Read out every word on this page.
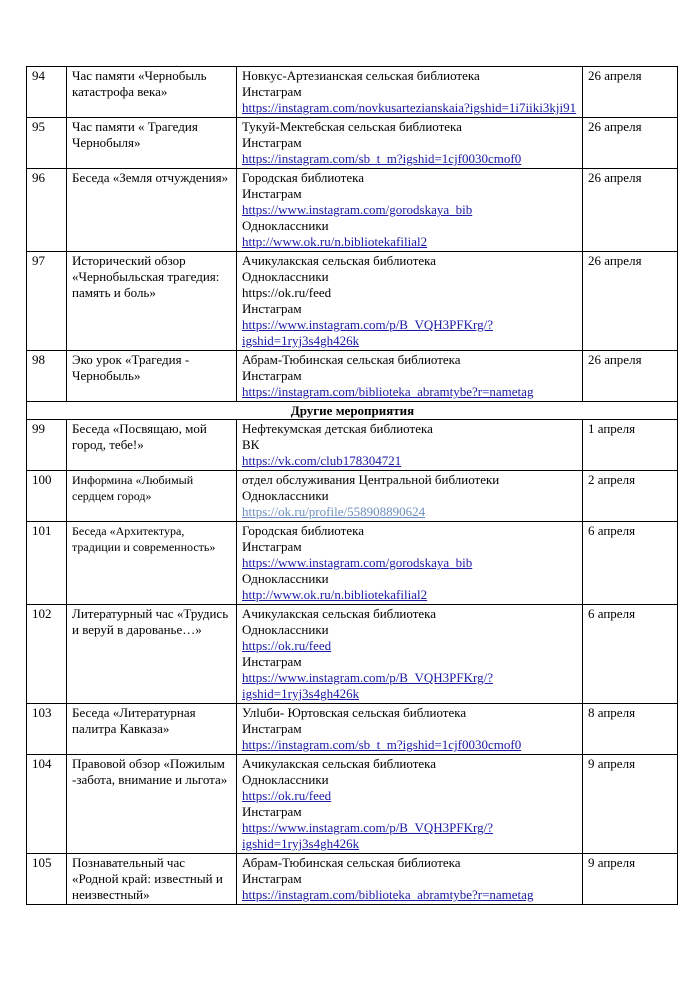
94	Час памяти «Чернобыль катастрофа века»	Новкус-Артезианская сельская библиотека
Инстаграм
https://instagram.com/novkusartezianskaia?igshid=1i7iiki3kji91	26 апреля
95	Час памяти « Трагедия Чернобыля»	Тукуй-Мектебская сельская библиотека
Инстаграм
https://instagram.com/sb_t_m?igshid=1cjf0030cmof0	26 апреля
96	Беседа «Земля отчуждения»	Городская библиотека
Инстаграм
https://www.instagram.com/gorodskaya_bib
Одноклассники
http://www.ok.ru/n.bibliotekafilial2	26 апреля
97	Исторический обзор «Чернобыльская трагедия: память и боль»	Ачикулакская сельская библиотека
Одноклассники
https://ok.ru/feed
Инстаграм
https://www.instagram.com/p/B_VQH3PFKrg/?igshid=1ryj3s4gh426k	26 апреля
98	Эко урок «Трагедия - Чернобыль»	Абрам-Тюбинская сельская библиотека
Инстаграм
https://instagram.com/biblioteka_abramtybe?r=nametag	26 апреля
Другие мероприятия			
99	Беседа «Посвящаю, мой город, тебе!»	Нефтекумская детская библиотека
ВК
https://vk.com/club178304721	1 апреля
100	Информина «Любимый сердцем город»	отдел обслуживания Центральной библиотеки
Одноклассники
https://ok.ru/profile/558908890624	2 апреля
101	Беседа «Архитектура, традиции и современность»	Городская библиотека
Инстаграм
https://www.instagram.com/gorodskaya_bib
Одноклассники
http://www.ok.ru/n.bibliotekafilial2	6 апреля
102	Литературный час «Трудись и веруй в дарованье…»	Ачикулакская сельская библиотека
Одноклассники
https://ok.ru/feed
Инстаграм
https://www.instagram.com/p/B_VQH3PFKrg/?igshid=1ryj3s4gh426k	6 апреля
103	Беседа «Литературная палитра Кавказа»	Улluби- Юртовская сельская библиотека
Инстаграм
https://instagram.com/sb_t_m?igshid=1cjf0030cmof0	8 апреля
104	Правовой обзор «Пожилым -забота, внимание и льгота»	Ачикулакская сельская библиотека
Одноклассники
https://ok.ru/feed
Инстаграм
https://www.instagram.com/p/B_VQH3PFKrg/?igshid=1ryj3s4gh426k	9 апреля
105	Познавательный час «Родной край: известный и неизвестный»	Абрам-Тюбинская сельская библиотека
Инстаграм
https://instagram.com/biblioteka_abramtybe?r=nametag	9 апреля
